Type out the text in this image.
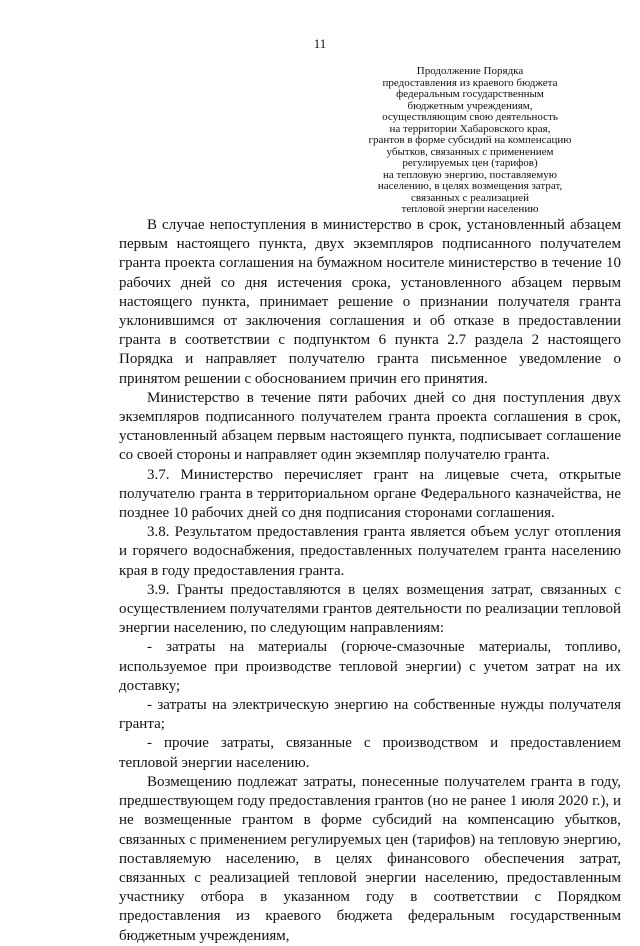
11
Продолжение Порядка
предоставления из краевого бюджета
федеральным государственным
бюджетным учреждениям,
осуществляющим свою деятельность
на территории Хабаровского края,
грантов в форме субсидий на компенсацию
убытков, связанных с применением
регулируемых цен (тарифов)
на тепловую энергию, поставляемую
населению, в целях возмещения затрат,
связанных с реализацией
тепловой энергии населению

В случае непоступления в министерство в срок, установленный абзацем первым настоящего пункта, двух экземпляров подписанного получателем гранта проекта соглашения на бумажном носителе министерство в течение 10 рабочих дней со дня истечения срока, установленного абзацем первым настоящего пункта, принимает решение о признании получателя гранта уклонившимся от заключения соглашения и об отказе в предоставлении гранта в соответствии с подпунктом 6 пункта 2.7 раздела 2 настоящего Порядка и направляет получателю гранта письменное уведомление о принятом решении с обоснованием причин его принятия.

Министерство в течение пяти рабочих дней со дня поступления двух экземпляров подписанного получателем гранта проекта соглашения в срок, установленный абзацем первым настоящего пункта, подписывает соглашение со своей стороны и направляет один экземпляр получателю гранта.

3.7. Министерство перечисляет грант на лицевые счета, открытые получателю гранта в территориальном органе Федерального казначейства, не позднее 10 рабочих дней со дня подписания сторонами соглашения.

3.8. Результатом предоставления гранта является объем услуг отопления и горячего водоснабжения, предоставленных получателем гранта населению края в году предоставления гранта.

3.9. Гранты предоставляются в целях возмещения затрат, связанных с осуществлением получателями грантов деятельности по реализации тепловой энергии населению, по следующим направлениям:

- затраты на материалы (горюче-смазочные материалы, топливо, используемое при производстве тепловой энергии) с учетом затрат на их доставку;

- затраты на электрическую энергию на собственные нужды получателя гранта;

- прочие затраты, связанные с производством и предоставлением тепловой энергии населению.

Возмещению подлежат затраты, понесенные получателем гранта в году, предшествующем году предоставления грантов (но не ранее 1 июля 2020 г.), и не возмещенные грантом в форме субсидий на компенсацию убытков, связанных с применением регулируемых цен (тарифов) на тепловую энергию, поставляемую населению, в целях финансового обеспечения затрат, связанных с реализацией тепловой энергии населению, предоставленным участнику отбора в указанном году в соответствии с Порядком предоставления из краевого бюджета федеральным государственным бюджетным учреждениям,
